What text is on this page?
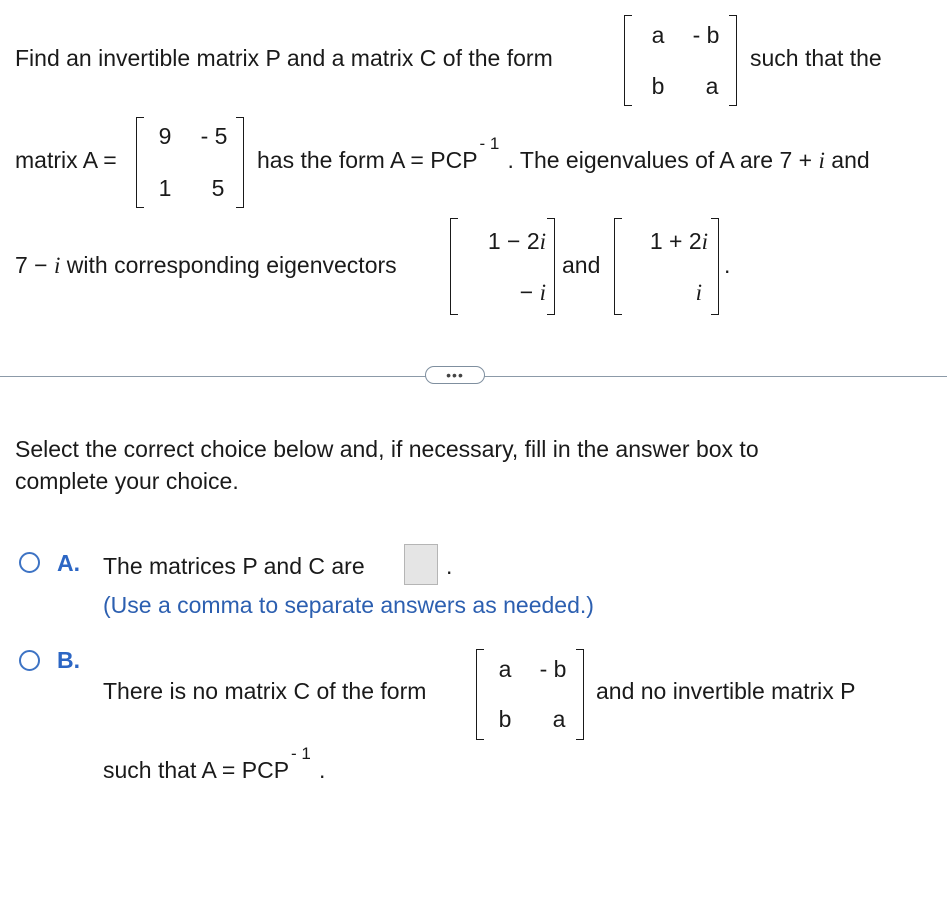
Find an invertible matrix P and a matrix C of the form
a	- b
b	a
such that the
matrix A =
9	- 5
1	5
has the form A = PCP
- 1
. The eigenvalues of A are 7 + i and
7 − i with corresponding eigenvectors
1 − 2i
− i
and
1 + 2i
i
.
•••
Select the correct choice below and, if necessary, fill in the answer box to
complete your choice.
A. The matrices P and C are	.
(Use a comma to separate answers as needed.)
B.
There is no matrix C of the form
a	- b
b	a
and no invertible matrix P
such that A = PCP
- 1
.
